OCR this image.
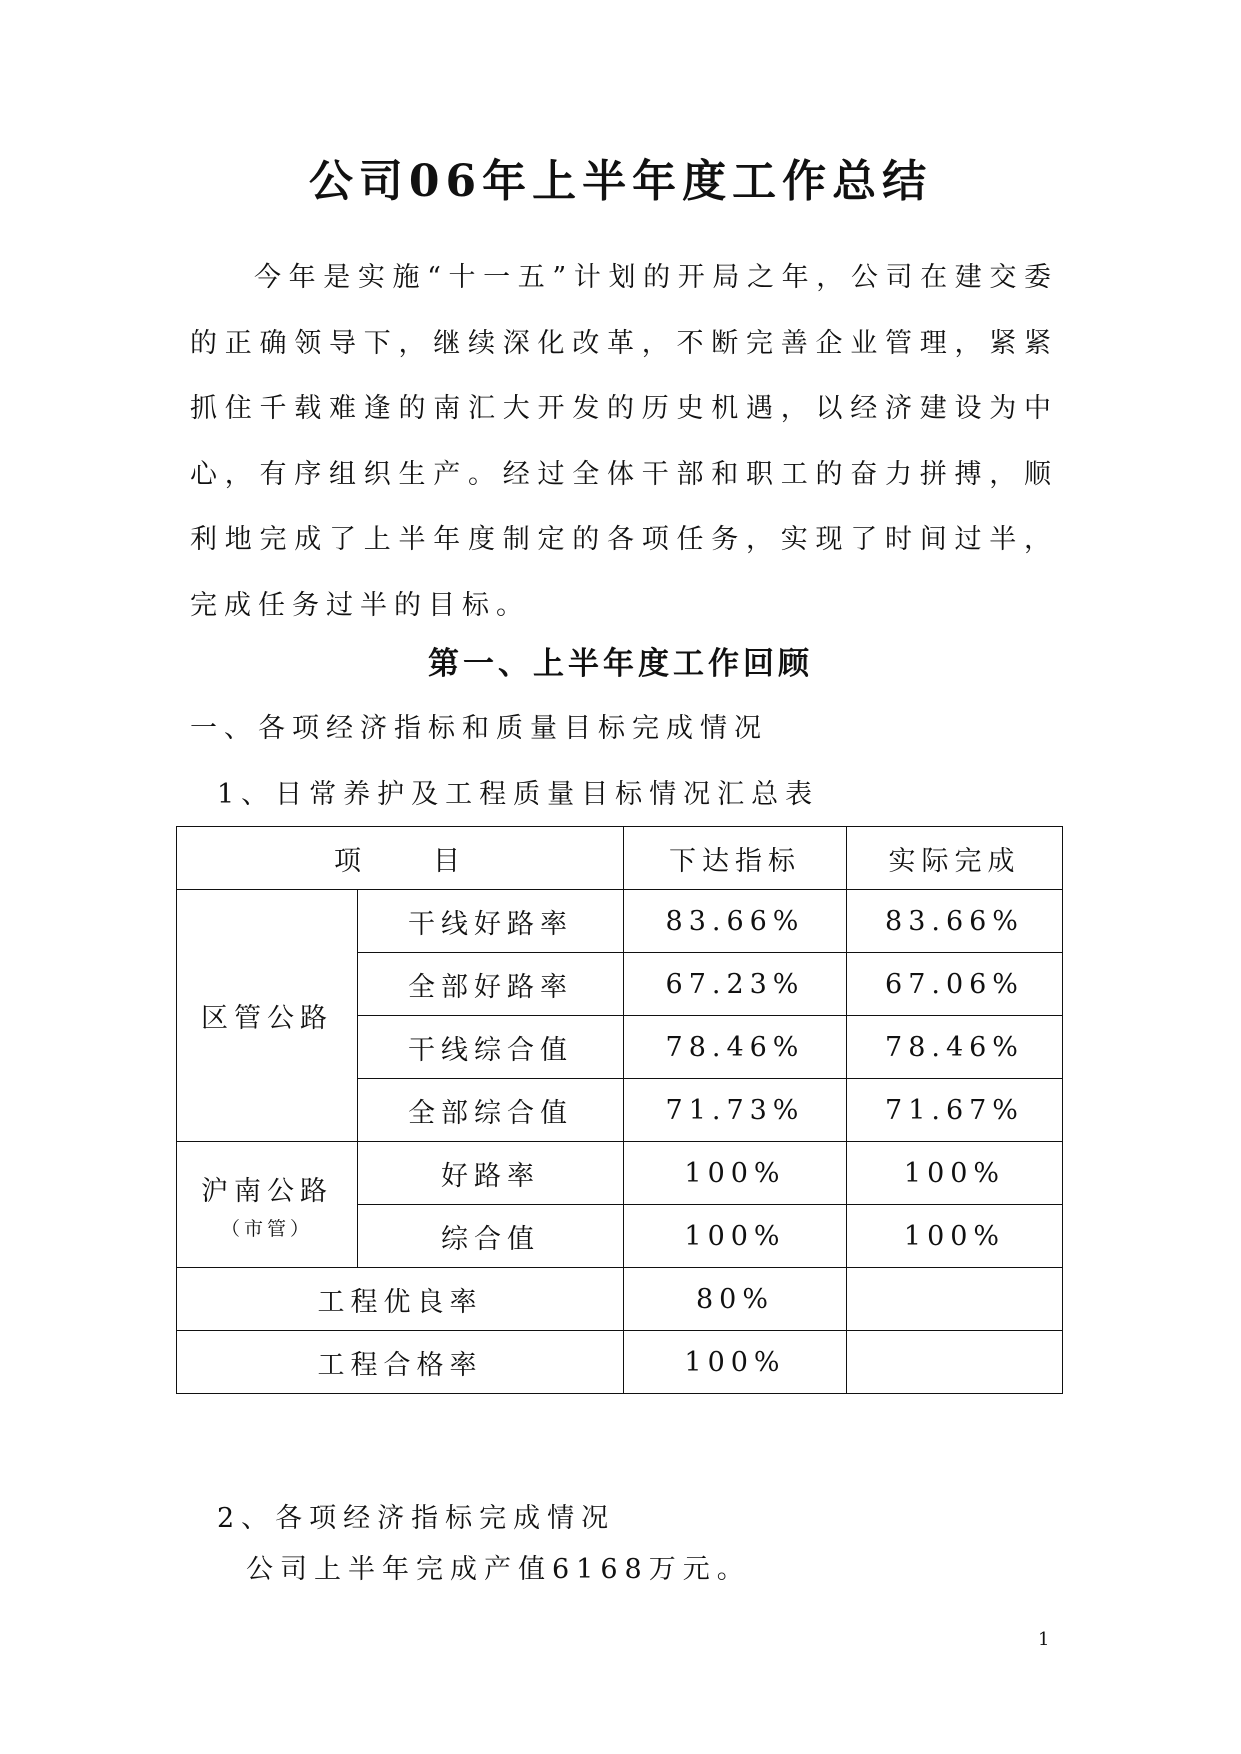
公司06年上半年度工作总结

今年是实施“十一五”计划的开局之年，公司在建交委的正确领导下，继续深化改革，不断完善企业管理，紧紧抓住千载难逢的南汇大开发的历史机遇，以经济建设为中心，有序组织生产。经过全体干部和职工的奋力拼搏，顺利地完成了上半年度制定的各项任务，实现了时间过半，完成任务过半的目标。

第一、上半年度工作回顾

一、各项经济指标和质量目标完成情况

1、日常养护及工程质量目标情况汇总表

项　　目		下达指标	实际完成
区管公路	干线好路率	83.66%	83.66%
	全部好路率	67.23%	67.06%
	干线综合值	78.46%	78.46%
	全部综合值	71.73%	71.67%
沪南公路
（市管）	好路率	100%	100%
	综合值	100%	100%
工程优良率		80%	
工程合格率		100%	

2、各项经济指标完成情况

公司上半年完成产值6168万元。

1
